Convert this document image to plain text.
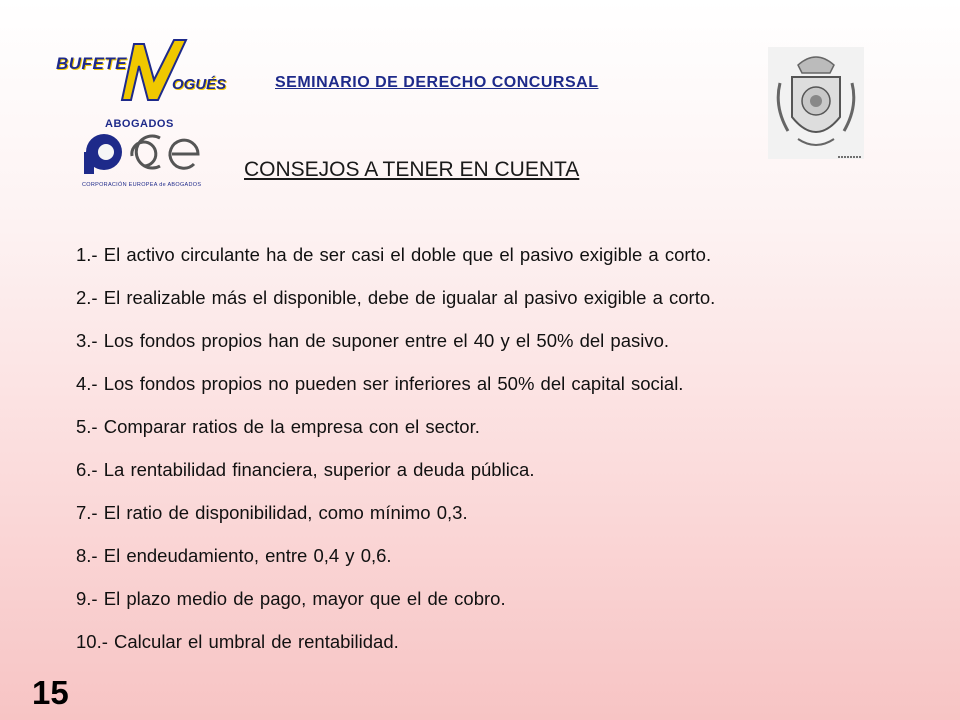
BUFETE
OGUÉS
ABOGADOS
CORPORACIÓN EUROPEA de ABOGADOS
SEMINARIO DE DERECHO CONCURSAL
CONSEJOS A TENER EN CUENTA
1.- El activo circulante ha de ser casi el doble que el pasivo exigible a corto.
2.- El realizable más el disponible, debe de igualar al pasivo exigible a corto.
3.- Los fondos propios han de suponer entre el 40 y el 50% del pasivo.
4.- Los fondos propios no pueden ser inferiores al 50% del capital social.
5.- Comparar ratios de la empresa con el sector.
6.- La rentabilidad financiera, superior a deuda pública.
7.- El ratio de disponibilidad, como mínimo 0,3.
8.- El endeudamiento, entre 0,4 y 0,6.
9.- El plazo medio de pago, mayor que el de cobro.
10.- Calcular el umbral de rentabilidad.
15
